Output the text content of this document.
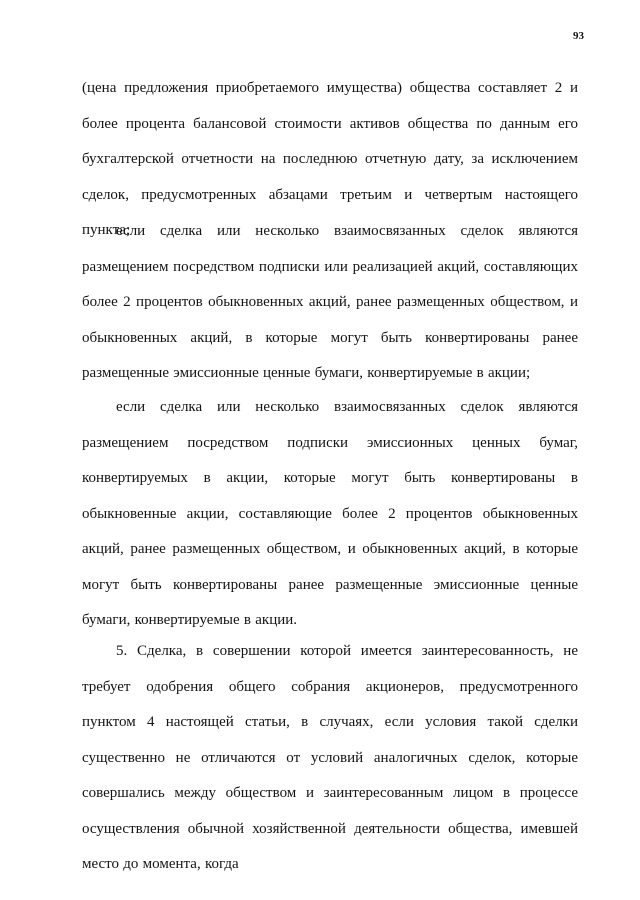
93

(цена предложения приобретаемого имущества) общества составляет 2 и более процента балансовой стоимости активов общества по данным его бухгалтерской отчетности на последнюю отчетную дату, за исключением сделок, предусмотренных абзацами третьим и четвертым настоящего пункта;

если сделка или несколько взаимосвязанных сделок являются размещением посредством подписки или реализацией акций, составляющих более 2 процентов обыкновенных акций, ранее размещенных обществом, и обыкновенных акций, в которые могут быть конвертированы ранее размещенные эмиссионные ценные бумаги, конвертируемые в акции;

если сделка или несколько взаимосвязанных сделок являются размещением посредством подписки эмиссионных ценных бумаг, конвертируемых в акции, которые могут быть конвертированы в обыкновенные акции, составляющие более 2 процентов обыкновенных акций, ранее размещенных обществом, и обыкновенных акций, в которые могут быть конвертированы ранее размещенные эмиссионные ценные бумаги, конвертируемые в акции.

5. Сделка, в совершении которой имеется заинтересованность, не требует одобрения общего собрания акционеров, предусмотренного пунктом 4 настоящей статьи, в случаях, если условия такой сделки существенно не отличаются от условий аналогичных сделок, которые совершались между обществом и заинтересованным лицом в процессе осуществления обычной хозяйственной деятельности общества, имевшей место до момента, когда
